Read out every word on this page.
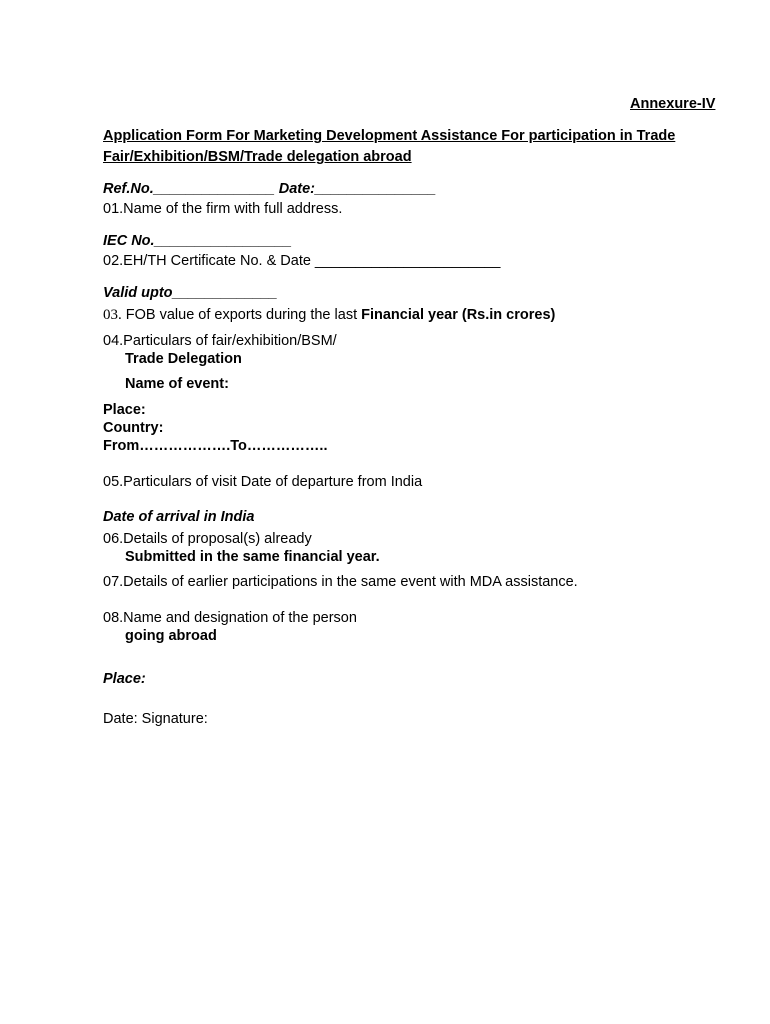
Annexure-IV
Application Form For Marketing Development Assistance For participation in Trade
Fair/Exhibition/BSM/Trade delegation abroad
Ref.No._______________ Date:_______________
01.Name of the firm with full address.
IEC No._________________
02.EH/TH Certificate No. & Date _______________________
Valid upto_____________
03. FOB value of exports during the last Financial year (Rs.in crores)
04.Particulars of fair/exhibition/BSM/
Trade Delegation
Name of event:
Place:
Country:
From……………….To……………..
05.Particulars of visit Date of departure from India
Date of arrival in India
06.Details of proposal(s) already
Submitted in the same financial year.
07.Details of earlier participations in the same event with MDA assistance.
08.Name and designation of the person
going abroad
Place:
Date: Signature:
